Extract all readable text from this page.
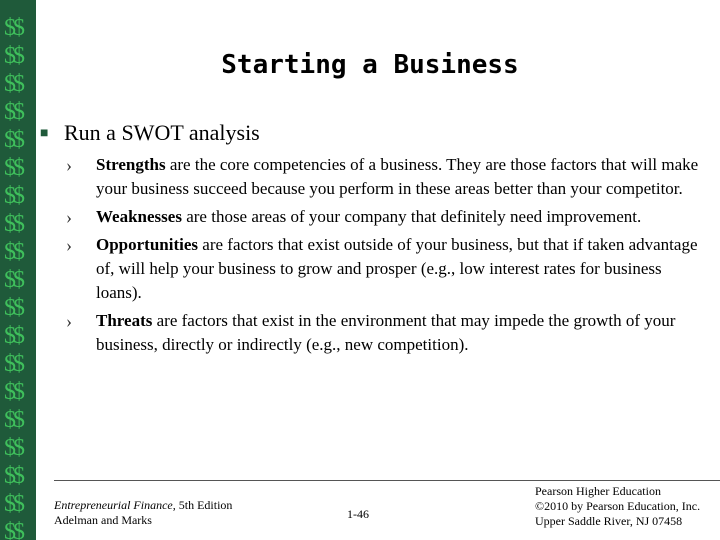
$$
$$
$$
$$
$$
$$
$$
$$
$$
$$
$$
$$
$$
$$
$$
$$
$$
$$
$$
Starting a Business
■ Run a SWOT analysis
› Strengths are the core competencies of a business. They are those factors that will make your business succeed because you perform in these areas better than your competitor.
› Weaknesses are those areas of your company that definitely need improvement.
› Opportunities are factors that exist outside of your business, but that if taken advantage of, will help your business to grow and prosper (e.g., low interest rates for business loans).
› Threats are factors that exist in the environment that may impede the growth of your business, directly or indirectly (e.g., new competition).
Entrepreneurial Finance, 5th Edition
Adelman and Marks	1-46
Pearson Higher Education
©2010 by Pearson Education, Inc.
Upper Saddle River, NJ 07458
